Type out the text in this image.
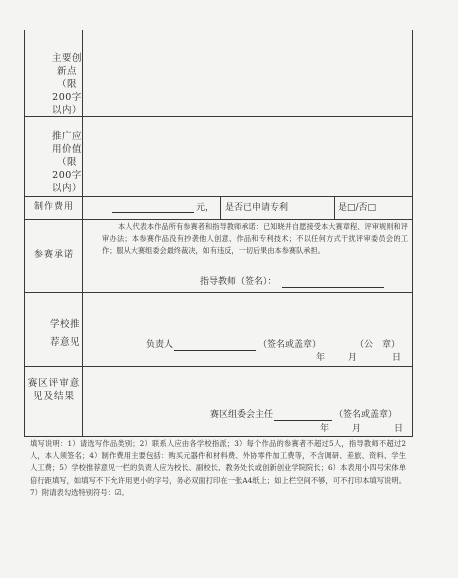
主要创新点（限200字以内）
推广应用价值（限200字以内）
制作费用	元， 是否已申请专利	是□/否□
参赛承诺
本人代表本作品所有参赛者和指导教师承诺：已知晓并自愿接受本大赛章程、评审规则和评审办法；本参赛作品没有抄袭他人创意、作品和专利技术；不以任何方式干扰评审委员会的工作；服从大赛组委会最终裁决，如有违反，一切后果由本参赛队承担。
指导教师（签名）：
学校推荐意见	负责人	（签名或盖章）	（公　章）
年	月	日
赛区评审意见及结果
赛区组委会主任	（签名或盖章）
年	月	日
填写说明：1）请选写作品类别；2）联系人应由各学校指派；3）每个作品的参赛者不超过5人，指导教师不超过2人，本人须签名；4）制作费用主要包括：购买元器件和材料费、外协零件加工费等，不含调研、差旅、资料、学生人工费；5）学校推荐意见一栏的负责人应为校长、副校长、教务处长或创新创业学院院长；6）本表用小四号宋体单倍行距填写，如填写不下允许用更小的字号，务必双面打印在一张A4纸上；如上栏空间不够，可不打印本填写说明。7）附请表勾选特别符号：☑。
